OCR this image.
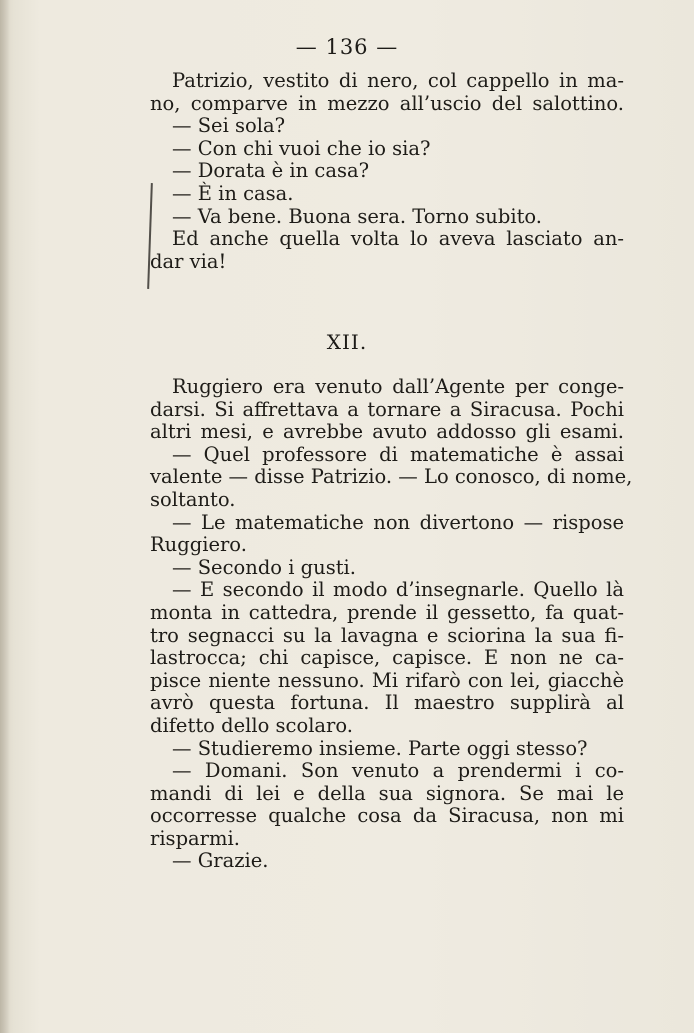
— 136 —
Patrizio, vestito di nero, col cappello in ma-
no, comparve in mezzo all’uscio del salottino.
— Sei sola?
— Con chi vuoi che io sia?
— Dorata è in casa?
— È in casa.
— Va bene. Buona sera. Torno subito.
Ed anche quella volta lo aveva lasciato an-
dar via!
XII.
Ruggiero era venuto dall’Agente per conge-
darsi. Si affrettava a tornare a Siracusa. Pochi
altri mesi, e avrebbe avuto addosso gli esami.
— Quel professore di matematiche è assai
valente — disse Patrizio. — Lo conosco, di nome,
soltanto.
— Le matematiche non divertono — rispose
Ruggiero.
— Secondo i gusti.
— E secondo il modo d’insegnarle. Quello là
monta in cattedra, prende il gessetto, fa quat-
tro segnacci su la lavagna e sciorina la sua fi-
lastrocca; chi capisce, capisce. E non ne ca-
pisce niente nessuno. Mi rifarò con lei, giacchè
avrò questa fortuna. Il maestro supplirà al
difetto dello scolaro.
— Studieremo insieme. Parte oggi stesso?
— Domani. Son venuto a prendermi i co-
mandi di lei e della sua signora. Se mai le
occorresse qualche cosa da Siracusa, non mi
risparmi.
— Grazie.
